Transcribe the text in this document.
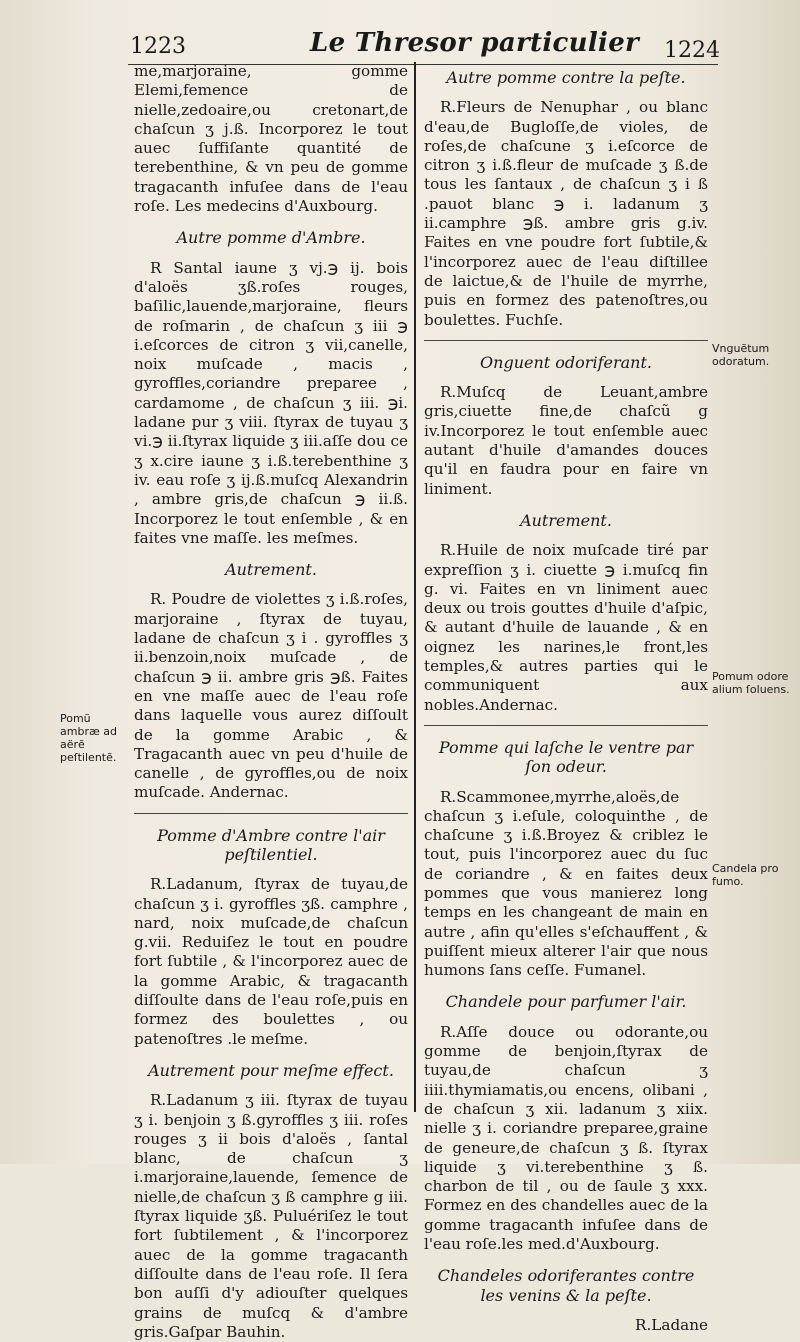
1223	Le Thresor particulier 1224

me,marjoraine, gomme Elemi,femence de nielle,zedoaire,ou cretonart,de chaſcun ʒ j.ß. Incorporez le tout auec ſuffiſante quantité de terebenthine, & vn peu de gomme tragacanth infuſee dans de l'eau roſe. Les medecins d'Auxbourg.

Autre pomme d'Ambre.

R Santal iaune ʒ vj.℈ ij. bois d'aloës ʒß.roſes rouges, baſilic,lauende,marjoraine, fleurs de roſmarin , de chaſcun ʒ iii ℈ i.eſcorces de citron ʒ vii,canelle, noix muſcade , macis , gyroffles,coriandre preparee , cardamome , de chaſcun ʒ iii. ℈i. ladane pur ʒ viii. ſtyrax de tuyau ʒ vi.℈ ii.ſtyrax liquide ʒ iii.aſſe dou ce ʒ x.cire iaune ʒ i.ß.terebenthine ʒ iv. eau roſe ʒ ij.ß.muſcq Alexandrin , ambre gris,de chaſcun ℈ ii.ß. Incorporez le tout enſemble , & en faites vne maſſe. les meſmes.

Autrement.

R. Poudre de violettes ʒ i.ß.roſes, marjoraine , ſtyrax de tuyau, ladane de chaſcun ʒ i . gyroffles ʒ ii.benzoin,noix muſcade , de chaſcun ℈ ii. ambre gris ℈ß. Faites en vne maſſe auec de l'eau roſe dans laquelle vous aurez diſſoult de la gomme Arabic , & Tragacanth auec vn peu d'huile de canelle , de gyroffles,ou de noix muſcade. Andernac.

Pomme d'Ambre contre l'air peſtilentiel.

R.Ladanum, ſtyrax de tuyau,de chaſcun ʒ i. gyroffles ʒß. camphre , nard, noix muſcade,de chaſcun g.vii. Reduiſez le tout en poudre fort ſubtile , & l'incorporez auec de la gomme Arabic, & tragacanth diſſoulte dans de l'eau roſe,puis en formez des boulettes , ou patenoſtres .le meſme.

Autrement pour meſme effect.

R.Ladanum ʒ iii. ſtyrax de tuyau ʒ i. benjoin ʒ ß.gyroffles ʒ iii. roſes rouges ʒ ii bois d'aloës , ſantal blanc, de chaſcun ʒ i.marjoraine,lauende, ſemence de nielle,de chaſcun ʒ ß camphre g iii. ſtyrax liquide ʒß. Puluériſez le tout fort ſubtilement , & l'incorporez auec de la gomme tragacanth diſſoulte dans de l'eau roſe. Il ſera bon auſſi d'y adiouſter quelques grains de muſcq & d'ambre gris.Gaſpar Bauhin.

Autre pomme contre la peſte.

R.Fleurs de Nenuphar , ou blanc d'eau,de Bugloſſe,de violes, de roſes,de chaſcune ʒ i.eſcorce de citron ʒ i.ß.fleur de muſcade ʒ ß.de tous les ſantaux , de chaſcun ʒ i ß .pauot blanc ℈ i. ladanum ʒ ii.camphre ℈ß. ambre gris g.iv. Faites en vne poudre fort ſubtile,& l'incorporez auec de l'eau diſtillee de laictue,& de l'huile de myrrhe, puis en formez des patenoſtres,ou boulettes. Fuchſe.

Onguent odoriferant.

R.Muſcq de Leuant,ambre gris,ciuette fine,de chaſcũ g iv.Incorporez le tout enſemble auec autant d'huile d'amandes douces qu'il en faudra pour en faire vn liniment.

Autrement.

R.Huile de noix muſcade tiré par expreſſion ʒ i. ciuette ℈ i.muſcq fin g. vi. Faites en vn liniment auec deux ou trois gouttes d'huile d'aſpic, & autant d'huile de lauande , & en oignez les narines,le front,les temples,& autres parties qui le communiquent aux nobles.Andernac.

Pomme qui laſche le ventre par ſon odeur.

R.Scammonee,myrrhe,aloës,de chaſcun ʒ i.eſule, coloquinthe , de chaſcune ʒ i.ß.Broyez & criblez le tout, puis l'incorporez auec du ſuc de coriandre , & en faites deux pommes que vous manierez long temps en les changeant de main en autre , afin qu'elles s'eſchauffent , & puiſſent mieux alterer l'air que nous humons ſans ceſſe. Fumanel.

Chandele pour parfumer l'air.

R.Aſſe douce ou odorante,ou gomme de benjoin,ſtyrax de tuyau,de chaſcun ʒ iiii.thymiamatis,ou encens, olibani , de chaſcun ʒ xii. ladanum ʒ xiix. nielle ʒ i. coriandre preparee,graine de geneure,de chaſcun ʒ ß. ſtyrax liquide ʒ vi.terebenthine ʒ ß. charbon de til , ou de ſaule ʒ xxx. Formez en des chandelles auec de la gomme tragacanth infuſee dans de l'eau roſe.les med.d'Auxbourg.

Chandeles odoriferantes contre les venins & la peſte.

R.Ladane

Pomũ ambræ ad aërẽ peſtilentẽ.
Vnguẽtum odoratum.
Pomum odore alium ſoluens.
Candela pro fumo.
